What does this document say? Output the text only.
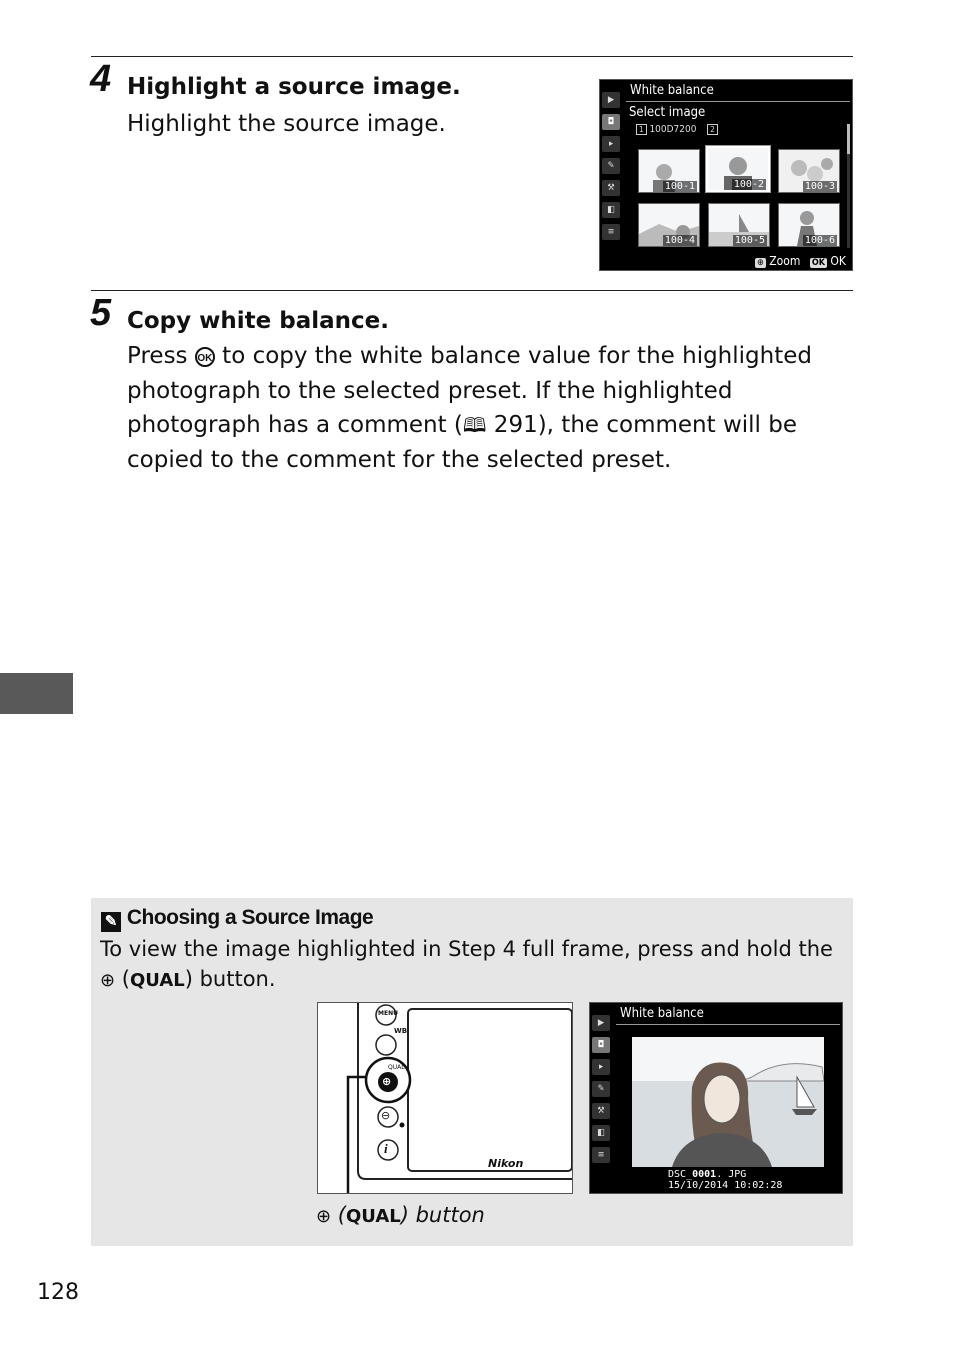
4 Highlight a source image.
Highlight the source image.
▶
◘
▸
✎
⚒
◧
≡
White balance
Select image
1 100D7200 2
100-1	100-2	100-3
100-4	100-5	100-6
⊕ Zoom OK OK
5 Copy white balance.
Press OK to copy the white balance value for the highlighted
photograph to the selected preset. If the highlighted
photograph has a comment (🕮 291), the comment will be
copied to the comment for the selected preset.
✎ Choosing a Source Image
To view the image highlighted in Step 4 full frame, press and hold the
⊕ (QUAL) button.
MENU
WB
QUAL
⊕
⊖
i
Nikon
⊕ (QUAL) button
▶
◘
▸
✎
⚒
◧
≡
White balance
DSC_0001. JPG
15/10/2014 10:02:28
128
